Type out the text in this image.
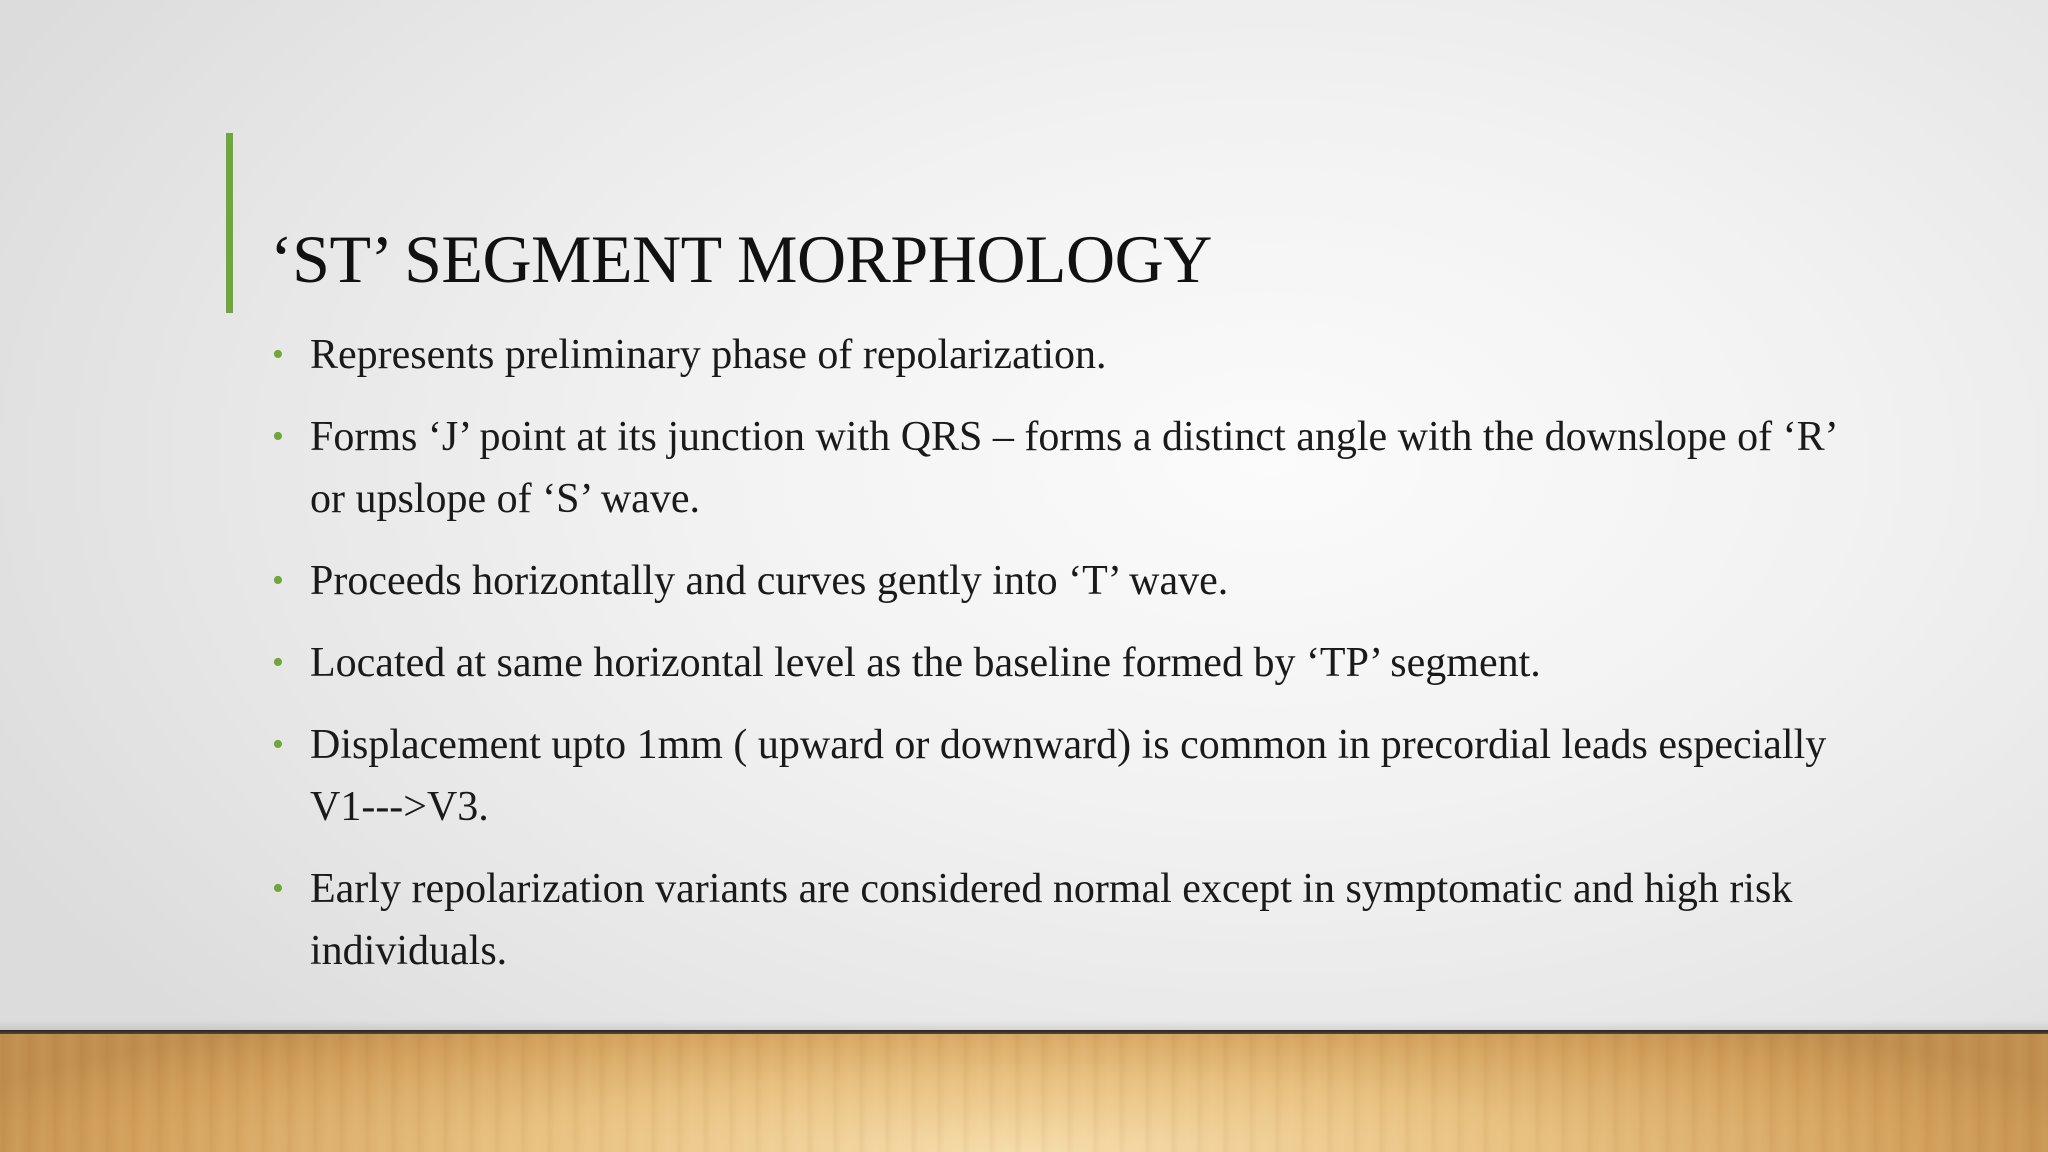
‘ST’ SEGMENT MORPHOLOGY
• Represents preliminary phase of repolarization.
• Forms ‘J’ point at its junction with QRS – forms a distinct angle with the downslope of ‘R’ or upslope of ‘S’ wave.
• Proceeds horizontally and curves gently into ‘T’ wave.
• Located at same horizontal level as the baseline formed by ‘TP’ segment.
• Displacement upto 1mm ( upward or downward) is common in precordial leads especially V1--->V3.
• Early repolarization variants are considered normal except in symptomatic and high risk individuals.
